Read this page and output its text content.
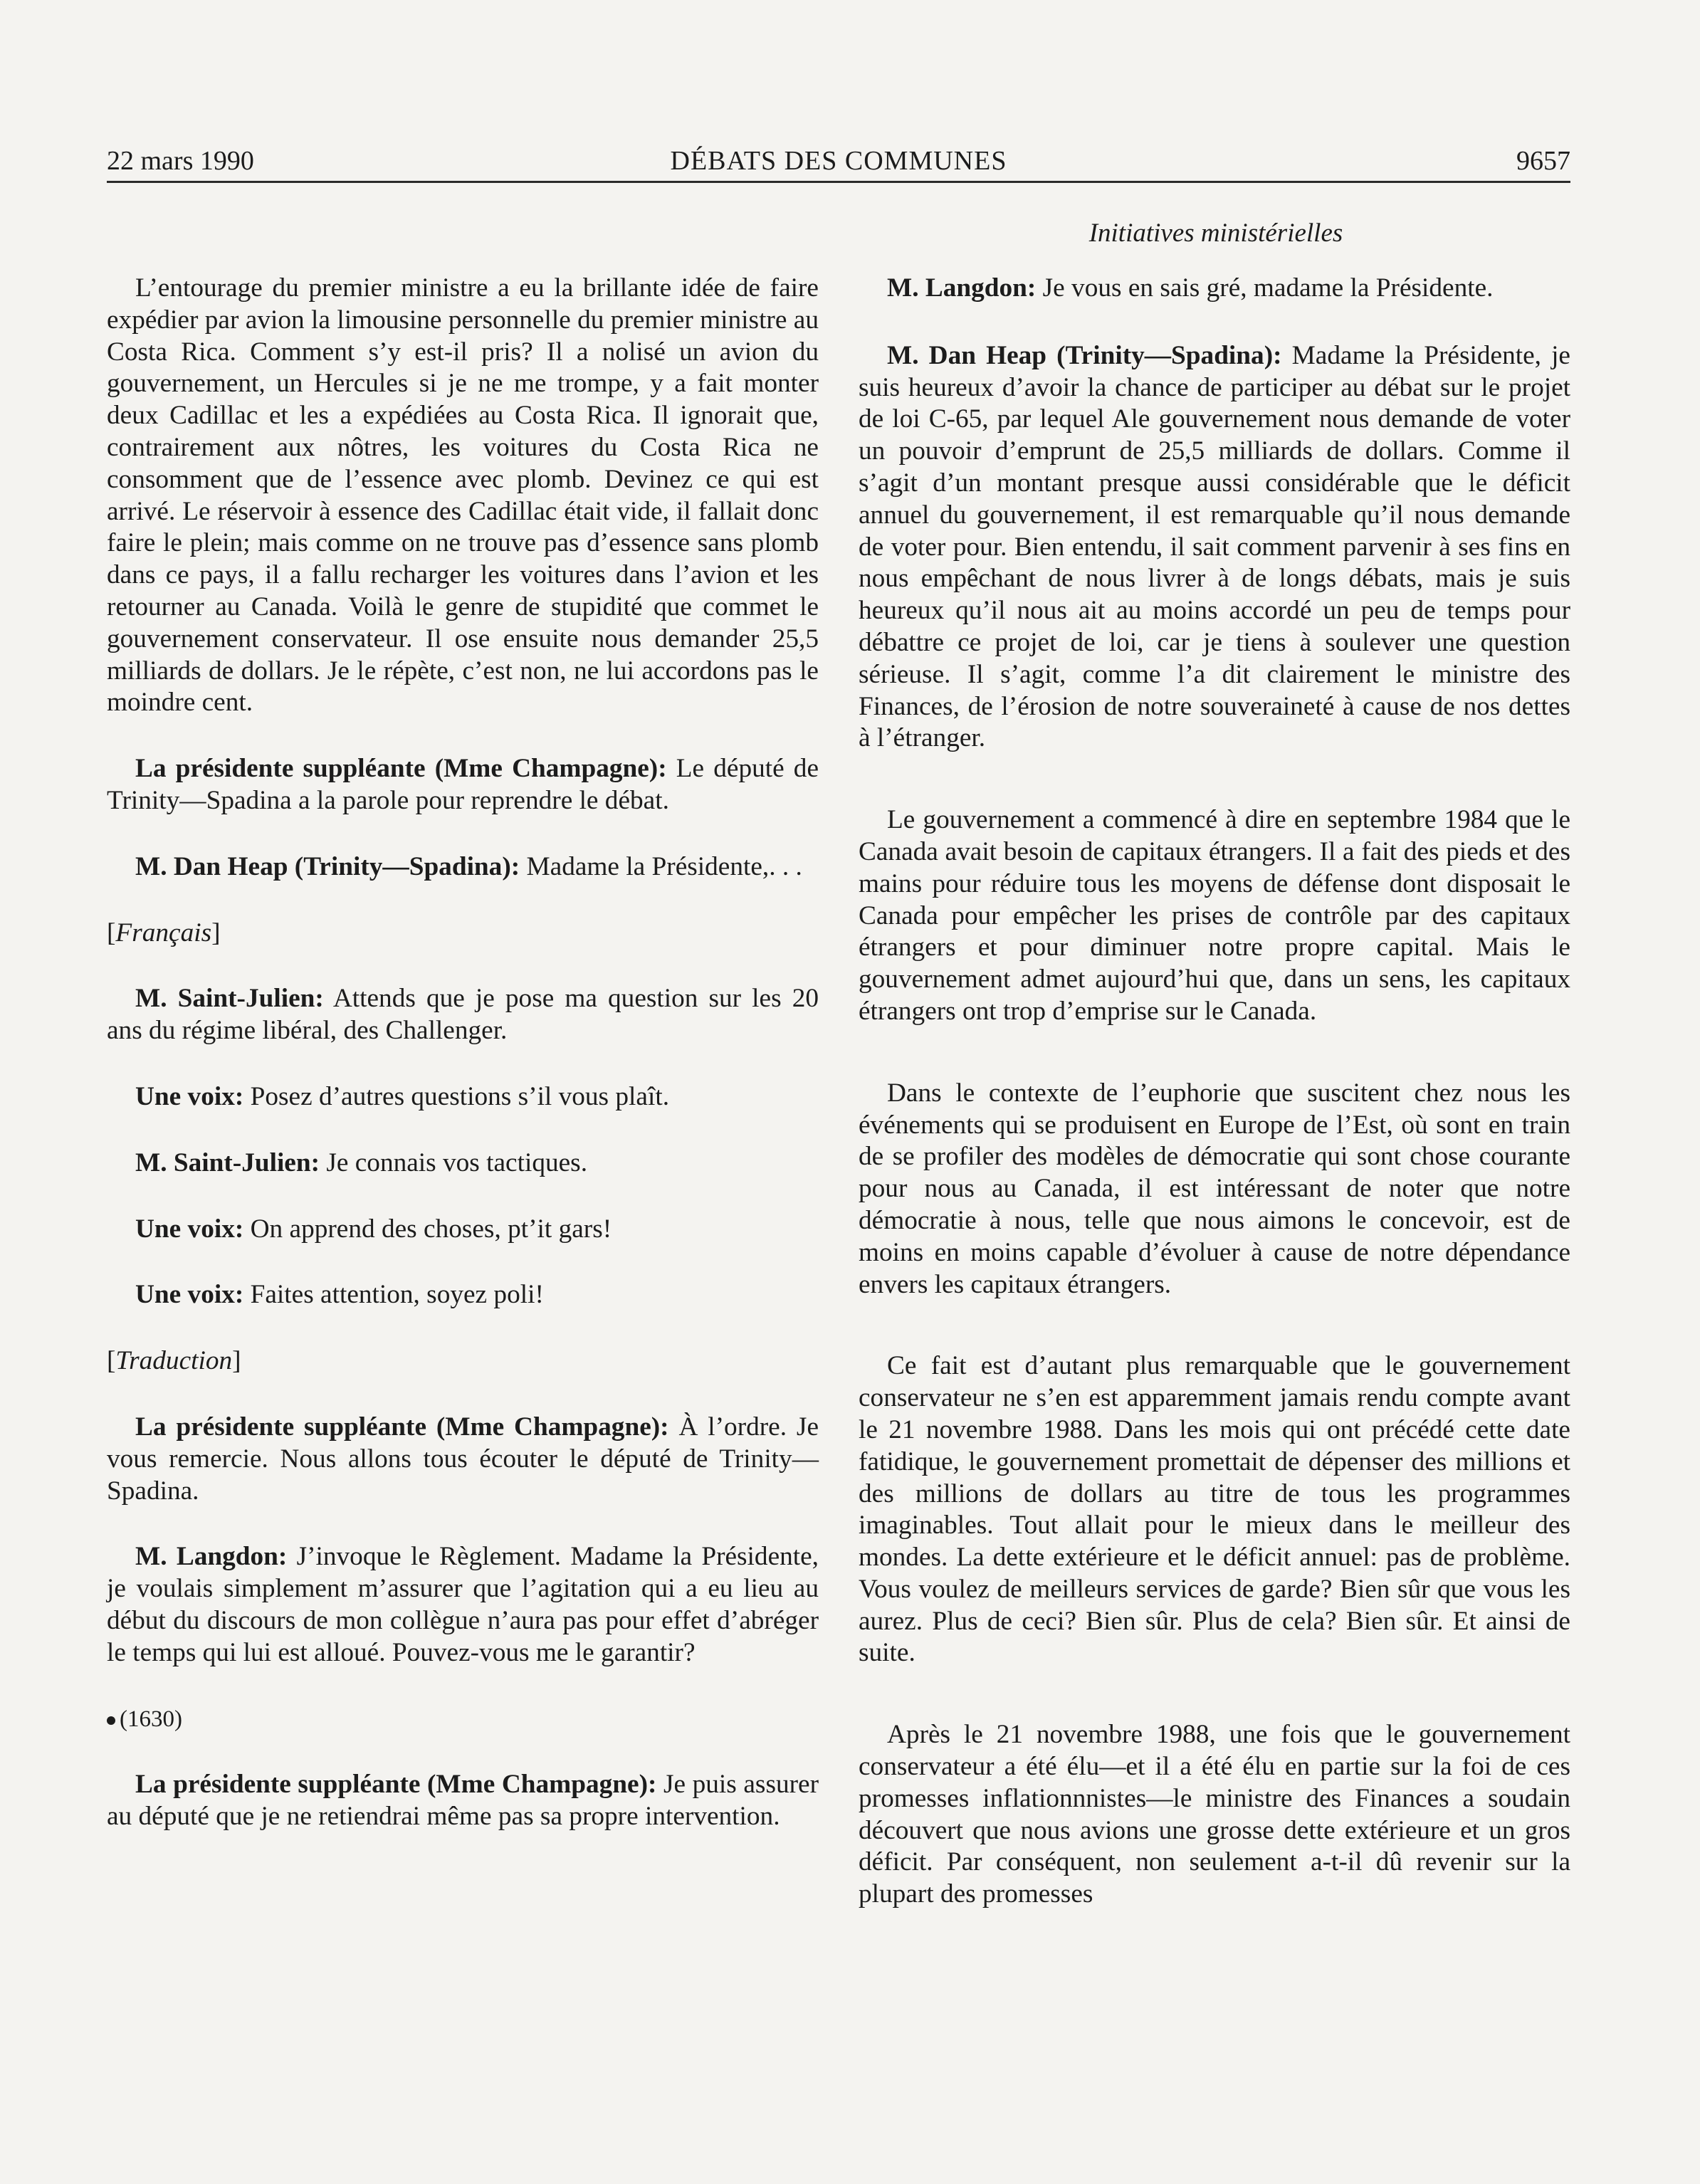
22 mars 1990	DÉBATS DES COMMUNES	9657
Initiatives ministérielles

L’entourage du premier ministre a eu la brillante idée de faire expédier par avion la limousine personnelle du premier ministre au Costa Rica. Comment s’y est-il pris? Il a nolisé un avion du gouvernement, un Hercules si je ne me trompe, y a fait monter deux Cadillac et les a expédiées au Costa Rica. Il ignorait que, contrairement aux nôtres, les voitures du Costa Rica ne consomment que de l’essence avec plomb. Devinez ce qui est arrivé. Le réservoir à essence des Cadillac était vide, il fallait donc faire le plein; mais comme on ne trouve pas d’essence sans plomb dans ce pays, il a fallu recharger les voitures dans l’avion et les retourner au Canada. Voilà le genre de stupidité que commet le gouvernement conservateur. Il ose ensuite nous demander 25,5 milliards de dollars. Je le répète, c’est non, ne lui accordons pas le moindre cent.

La présidente suppléante (Mme Champagne): Le député de Trinity—Spadina a la parole pour reprendre le débat.

M. Dan Heap (Trinity—Spadina): Madame la Présidente,. . .

[Français]

M. Saint-Julien: Attends que je pose ma question sur les 20 ans du régime libéral, des Challenger.

Une voix: Posez d’autres questions s’il vous plaît.

M. Saint-Julien: Je connais vos tactiques.

Une voix: On apprend des choses, pt’it gars!

Une voix: Faites attention, soyez poli!

[Traduction]

La présidente suppléante (Mme Champagne): À l’ordre. Je vous remercie. Nous allons tous écouter le député de Trinity—Spadina.

M. Langdon: J’invoque le Règlement. Madame la Présidente, je voulais simplement m’assurer que l’agitation qui a eu lieu au début du discours de mon collègue n’aura pas pour effet d’abréger le temps qui lui est alloué. Pouvez-vous me le garantir?

(1630)

La présidente suppléante (Mme Champagne): Je puis assurer au député que je ne retiendrai même pas sa propre intervention.

M. Langdon: Je vous en sais gré, madame la Présidente.

M. Dan Heap (Trinity—Spadina): Madame la Présidente, je suis heureux d’avoir la chance de participer au débat sur le projet de loi C-65, par lequel Ale gouvernement nous demande de voter un pouvoir d’emprunt de 25,5 milliards de dollars. Comme il s’agit d’un montant presque aussi considérable que le déficit annuel du gouvernement, il est remarquable qu’il nous demande de voter pour. Bien entendu, il sait comment parvenir à ses fins en nous empêchant de nous livrer à de longs débats, mais je suis heureux qu’il nous ait au moins accordé un peu de temps pour débattre ce projet de loi, car je tiens à soulever une question sérieuse. Il s’agit, comme l’a dit clairement le ministre des Finances, de l’érosion de notre souveraineté à cause de nos dettes à l’étranger.

Le gouvernement a commencé à dire en septembre 1984 que le Canada avait besoin de capitaux étrangers. Il a fait des pieds et des mains pour réduire tous les moyens de défense dont disposait le Canada pour empêcher les prises de contrôle par des capitaux étrangers et pour diminuer notre propre capital. Mais le gouvernement admet aujourd’hui que, dans un sens, les capitaux étrangers ont trop d’emprise sur le Canada.

Dans le contexte de l’euphorie que suscitent chez nous les événements qui se produisent en Europe de l’Est, où sont en train de se profiler des modèles de démocratie qui sont chose courante pour nous au Canada, il est intéressant de noter que notre démocratie à nous, telle que nous aimons le concevoir, est de moins en moins capable d’évoluer à cause de notre dépendance envers les capitaux étrangers.

Ce fait est d’autant plus remarquable que le gouvernement conservateur ne s’en est apparemment jamais rendu compte avant le 21 novembre 1988. Dans les mois qui ont précédé cette date fatidique, le gouvernement promettait de dépenser des millions et des millions de dollars au titre de tous les programmes imaginables. Tout allait pour le mieux dans le meilleur des mondes. La dette extérieure et le déficit annuel: pas de problème. Vous voulez de meilleurs services de garde? Bien sûr que vous les aurez. Plus de ceci? Bien sûr. Plus de cela? Bien sûr. Et ainsi de suite.

Après le 21 novembre 1988, une fois que le gouvernement conservateur a été élu—et il a été élu en partie sur la foi de ces promesses inflationnnistes—le ministre des Finances a soudain découvert que nous avions une grosse dette extérieure et un gros déficit. Par conséquent, non seulement a-t-il dû revenir sur la plupart des promesses
